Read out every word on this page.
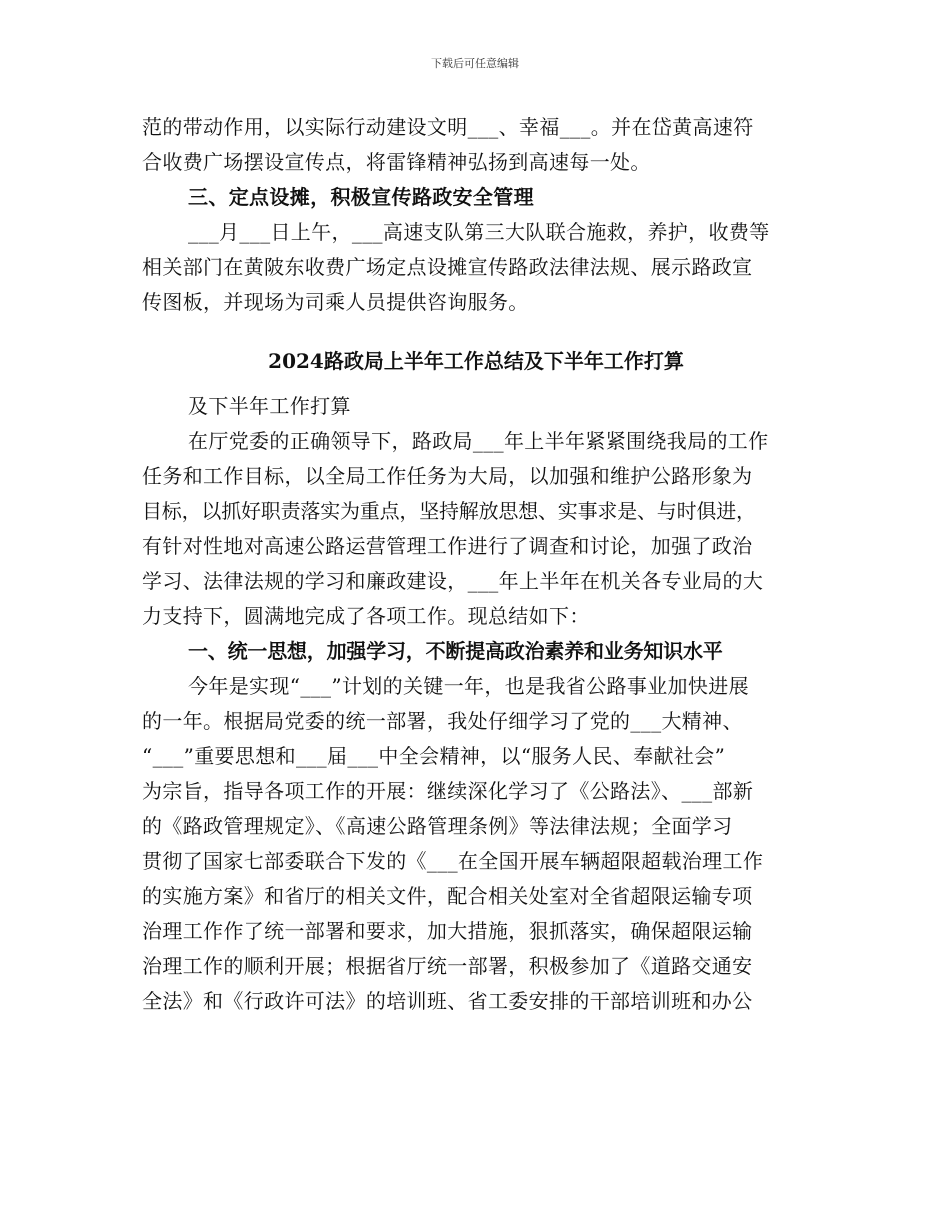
下载后可任意编辑
范的带动作用，以实际行动建设文明___、幸福___。并在岱黄高速符
合收费广场摆设宣传点，将雷锋精神弘扬到高速每一处。
三、定点设摊，积极宣传路政安全管理
___月___日上午，___高速支队第三大队联合施救，养护，收费等
相关部门在黄陂东收费广场定点设摊宣传路政法律法规、展示路政宣
传图板，并现场为司乘人员提供咨询服务。
2024路政局上半年工作总结及下半年工作打算
及下半年工作打算
在厅党委的正确领导下，路政局___年上半年紧紧围绕我局的工作
任务和工作目标，以全局工作任务为大局，以加强和维护公路形象为
目标，以抓好职责落实为重点，坚持解放思想、实事求是、与时俱进，
有针对性地对高速公路运营管理工作进行了调查和讨论，加强了政治
学习、法律法规的学习和廉政建设，___年上半年在机关各专业局的大
力支持下，圆满地完成了各项工作。现总结如下：
一、统一思想，加强学习，不断提高政治素养和业务知识水平
今年是实现“___”计划的关键一年，也是我省公路事业加快进展
的一年。根据局党委的统一部署，我处仔细学习了党的___大精神、
“___”重要思想和___届___中全会精神，以“服务人民、奉献社会”
为宗旨，指导各项工作的开展：继续深化学习了《公路法》、___部新
的《路政管理规定》、《高速公路管理条例》等法律法规；全面学习
贯彻了国家七部委联合下发的《___在全国开展车辆超限超载治理工作
的实施方案》和省厅的相关文件，配合相关处室对全省超限运输专项
治理工作作了统一部署和要求，加大措施，狠抓落实，确保超限运输
治理工作的顺利开展；根据省厅统一部署，积极参加了《道路交通安
全法》和《行政许可法》的培训班、省工委安排的干部培训班和办公
